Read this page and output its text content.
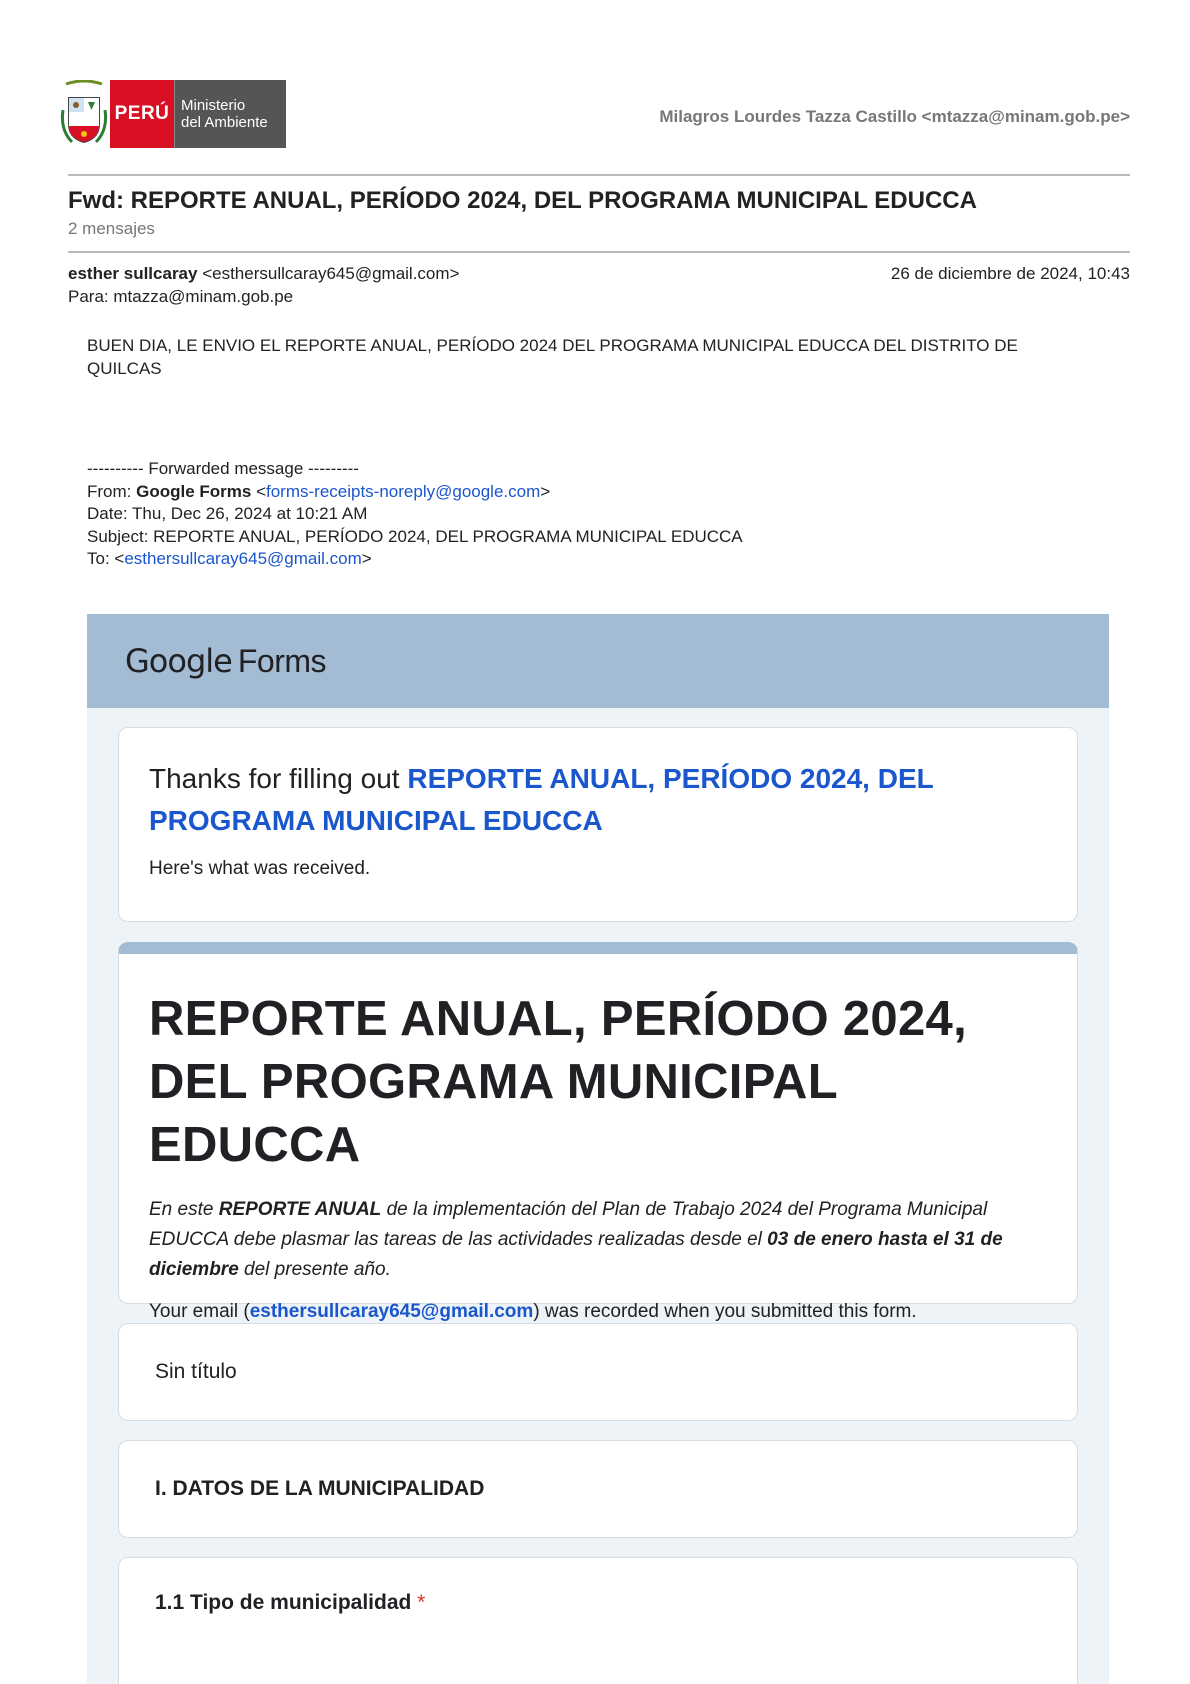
PERÚ Ministerio
del Ambiente	Milagros Lourdes Tazza Castillo <mtazza@minam.gob.pe>
Fwd: REPORTE ANUAL, PERÍODO 2024, DEL PROGRAMA MUNICIPAL EDUCCA
2 mensajes
esther sullcaray <esthersullcaray645@gmail.com>	26 de diciembre de 2024, 10:43
Para: mtazza@minam.gob.pe
BUEN DIA, LE ENVIO EL REPORTE ANUAL, PERÍODO 2024 DEL PROGRAMA MUNICIPAL EDUCCA DEL DISTRITO DE QUILCAS
---------- Forwarded message ---------
From: Google Forms <forms-receipts-noreply@google.com>
Date: Thu, Dec 26, 2024 at 10:21 AM
Subject: REPORTE ANUAL, PERÍODO 2024, DEL PROGRAMA MUNICIPAL EDUCCA
To: <esthersullcaray645@gmail.com>
Google Forms
Thanks for filling out REPORTE ANUAL, PERÍODO 2024, DEL PROGRAMA MUNICIPAL EDUCCA
Here's what was received.
REPORTE ANUAL, PERÍODO 2024, DEL PROGRAMA MUNICIPAL EDUCCA
En este REPORTE ANUAL de la implementación del Plan de Trabajo 2024 del Programa Municipal EDUCCA debe plasmar las tareas de las actividades realizadas desde el 03 de enero hasta el 31 de diciembre del presente año.
Your email (esthersullcaray645@gmail.com) was recorded when you submitted this form.
Sin título
I. DATOS DE LA MUNICIPALIDAD
1.1 Tipo de municipalidad *
